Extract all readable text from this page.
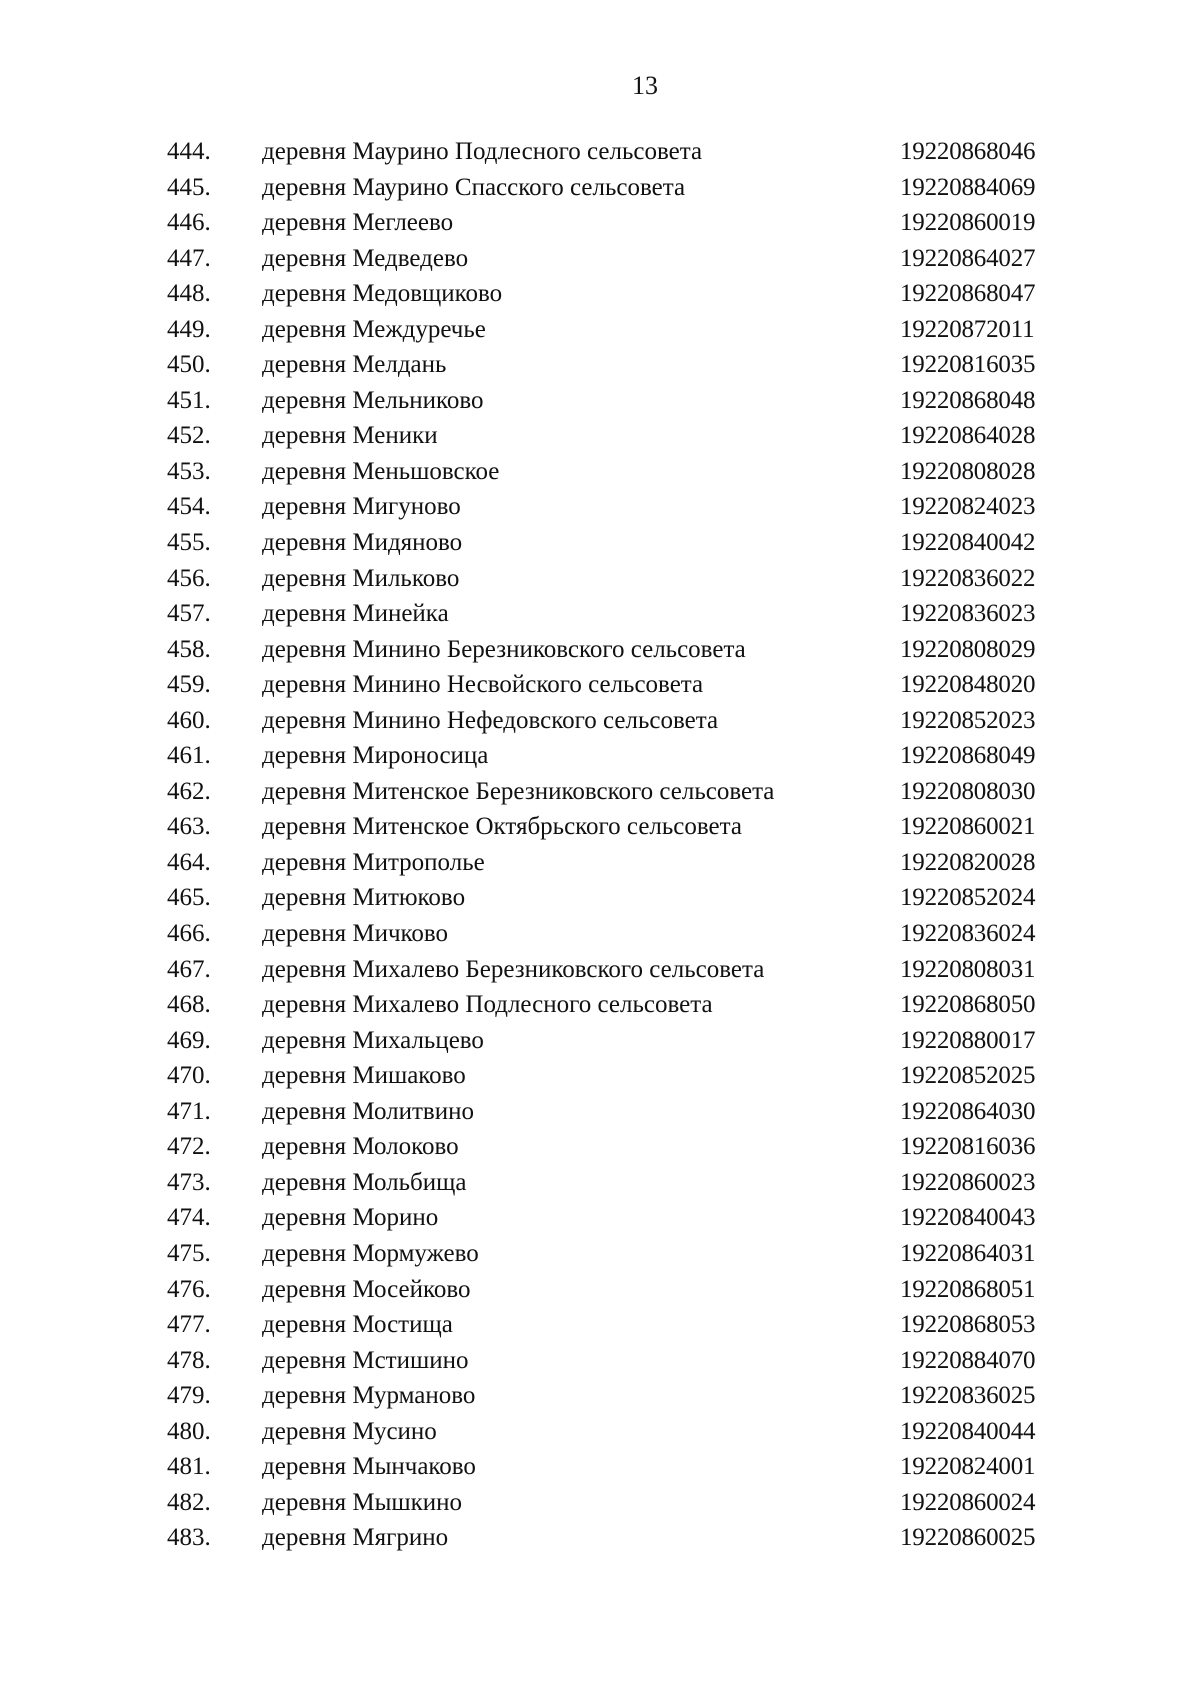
13
444. деревня Маурино Подлесного сельсовета	19220868046
445. деревня Маурино Спасского сельсовета	19220884069
446. деревня Меглеево	19220860019
447. деревня Медведево	19220864027
448. деревня Медовщиково	19220868047
449. деревня Междуречье	19220872011
450. деревня Мелдань	19220816035
451. деревня Мельниково	19220868048
452. деревня Меники	19220864028
453. деревня Меньшовское	19220808028
454. деревня Мигуново	19220824023
455. деревня Мидяново	19220840042
456. деревня Мильково	19220836022
457. деревня Минейка	19220836023
458. деревня Минино Березниковского сельсовета	19220808029
459. деревня Минино Несвойского сельсовета	19220848020
460. деревня Минино Нефедовского сельсовета	19220852023
461. деревня Мироносица	19220868049
462. деревня Митенское Березниковского сельсовета	19220808030
463. деревня Митенское Октябрьского сельсовета	19220860021
464. деревня Митрополье	19220820028
465. деревня Митюково	19220852024
466. деревня Мичково	19220836024
467. деревня Михалево Березниковского сельсовета	19220808031
468. деревня Михалево Подлесного сельсовета	19220868050
469. деревня Михальцево	19220880017
470. деревня Мишаково	19220852025
471. деревня Молитвино	19220864030
472. деревня Молоково	19220816036
473. деревня Мольбища	19220860023
474. деревня Морино	19220840043
475. деревня Мормужево	19220864031
476. деревня Мосейково	19220868051
477. деревня Мостища	19220868053
478. деревня Мстишино	19220884070
479. деревня Мурманово	19220836025
480. деревня Мусино	19220840044
481. деревня Мынчаково	19220824001
482. деревня Мышкино	19220860024
483. деревня Мягрино	19220860025
